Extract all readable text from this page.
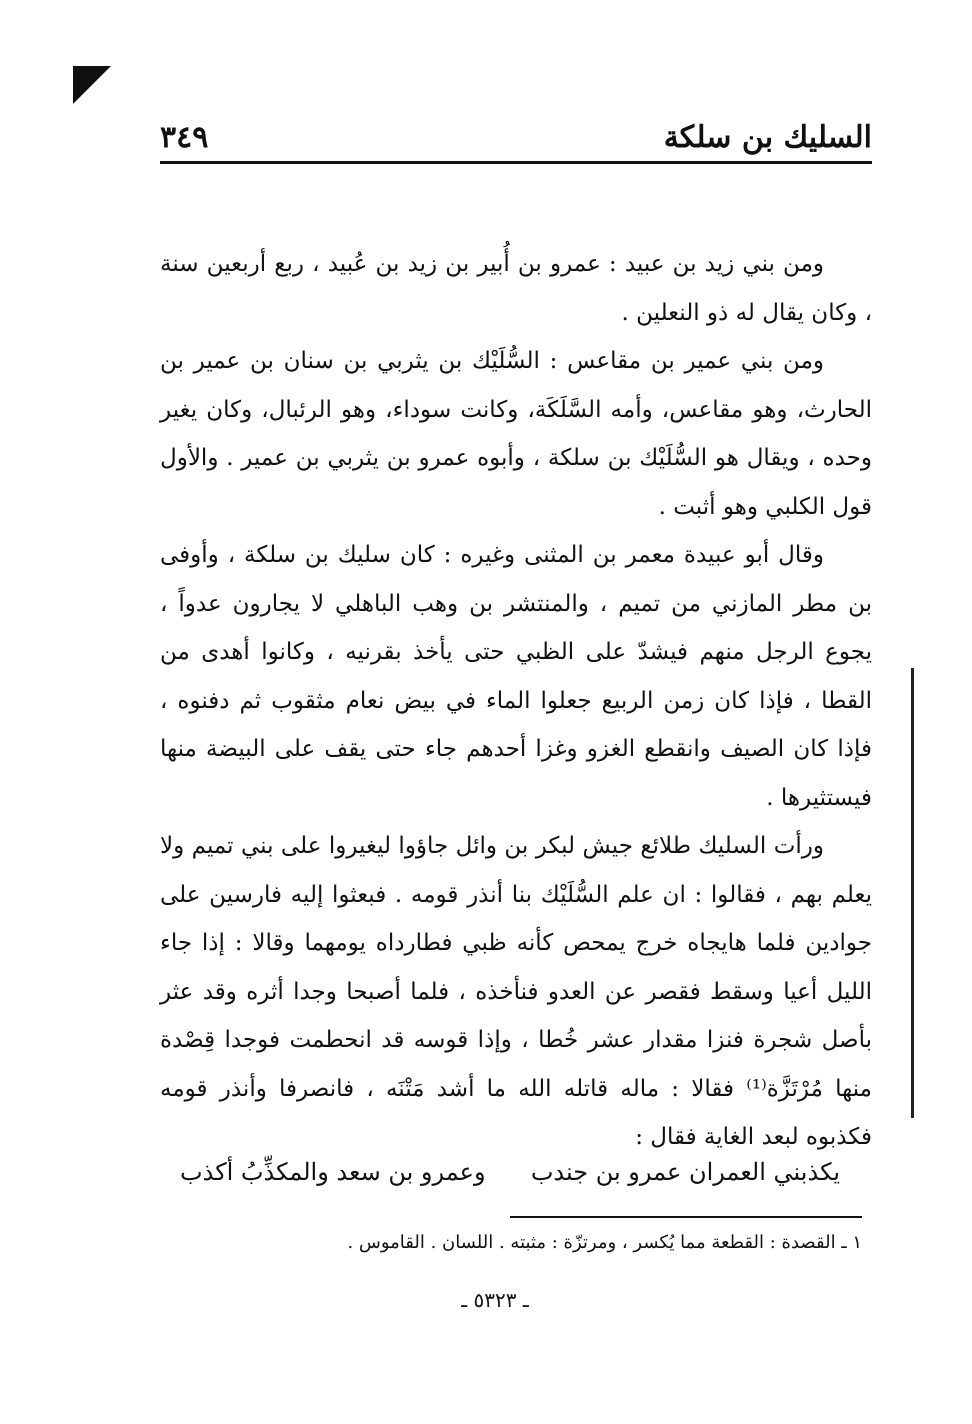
السليك بن سلكة
٣٤٩

ومن بني زيد بن عبيد : عمرو بن أُبير بن زيد بن عُبيد ، ربع أربعين سنة ، وكان يقال له ذو النعلين .

ومن بني عمير بن مقاعس : السُّلَيْك بن يثربي بن سنان بن عمير بن الحارث، وهو مقاعس، وأمه السَّلَكَة، وكانت سوداء، وهو الرئبال، وكان يغير وحده ، ويقال هو السُّلَيْك بن سلكة ، وأبوه عمرو بن يثربي بن عمير . والأول قول الكلبي وهو أثبت .

وقال أبو عبيدة معمر بن المثنى وغيره : كان سليك بن سلكة ، وأوفى بن مطر المازني من تميم ، والمنتشر بن وهب الباهلي لا يجارون عدواً ، يجوع الرجل منهم فيشدّ على الظبي حتى يأخذ بقرنيه ، وكانوا أهدى من القطا ، فإذا كان زمن الربيع جعلوا الماء في بيض نعام مثقوب ثم دفنوه ، فإذا كان الصيف وانقطع الغزو وغزا أحدهم جاء حتى يقف على البيضة منها فيستثيرها .

ورأت السليك طلائع جيش لبكر بن وائل جاؤوا ليغيروا على بني تميم ولا يعلم بهم ، فقالوا : ان علم السُّلَيْك بنا أنذر قومه . فبعثوا إليه فارسين على جوادين فلما هايجاه خرج يمحص كأنه ظبي فطارداه يومهما وقالا : إذا جاء الليل أعيا وسقط فقصر عن العدو فنأخذه ، فلما أصبحا وجدا أثره وقد عثر بأصل شجرة فنزا مقدار عشر خُطا ، وإذا قوسه قد انحطمت فوجدا قِصْدة منها مُرْتَزَّة⁽¹⁾ فقالا : ماله قاتله الله ما أشد مَتْنَه ، فانصرفا وأنذر قومه فكذبوه لبعد الغاية فقال :

يكذبني العمران عمرو بن جندب
وعمرو بن سعد والمكذِّبُ أكذب
١ ـ القصدة : القطعة مما يُكسر ، ومرتزّة : مثبته . اللسان . القاموس .
ـ ٥٣٢٣ ـ
